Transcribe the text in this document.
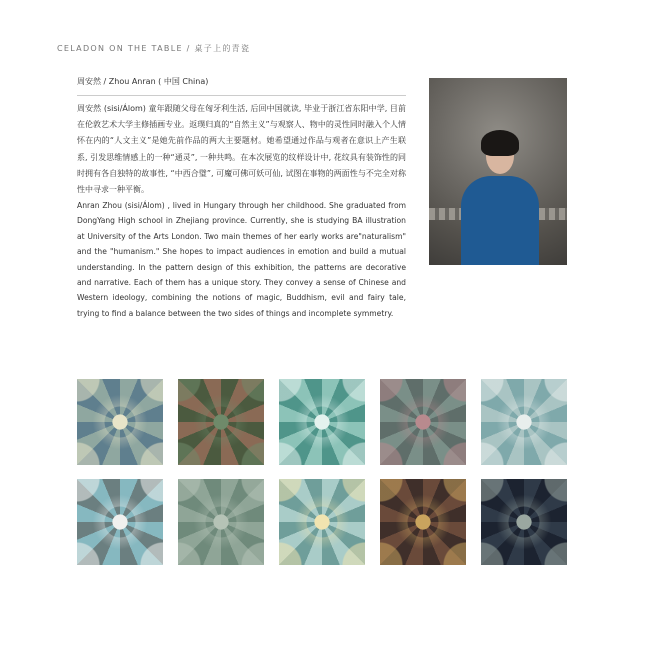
CELADON ON THE TABLE / 桌子上的青瓷
周安然 / Zhou Anran ( 中国 China)
周安然 (sisi/Álom) 童年跟随父母在匈牙利生活, 后回中国就读, 毕业于浙江省东阳中学, 目前在伦敦艺术大学主修插画专业。返璞归真的“自然主义”与观察人、物中的灵性同时融入个人情怀在内的“人文主义”是她先前作品的两大主要题材。她希望通过作品与观者在意识上产生联系, 引发思维情感上的一种“通灵”, 一种共鸣。在本次展览的纹样设计中, 花纹具有装饰性的同时拥有各自独特的故事性, “中西合璧”, 可魔可佛可妖可仙, 试图在事物的两面性与不完全对称性中寻求一种平衡。
Anran Zhou (sisi/Álom) , lived in Hungary through her childhood. She graduated from DongYang High school in Zhejiang province. Currently, she is studying BA illustration at University of the Arts London. Two main themes of her early works are"naturalism" and the "humanism." She hopes to impact audiences in emotion and build a mutual understanding. In the pattern design of this exhibition, the patterns are decorative and narrative. Each of them has a unique story. They convey a sense of Chinese and Western ideology, combining the notions of magic, Buddhism, evil and fairy tale, trying to find a balance between the two sides of things and incomplete symmetry.
